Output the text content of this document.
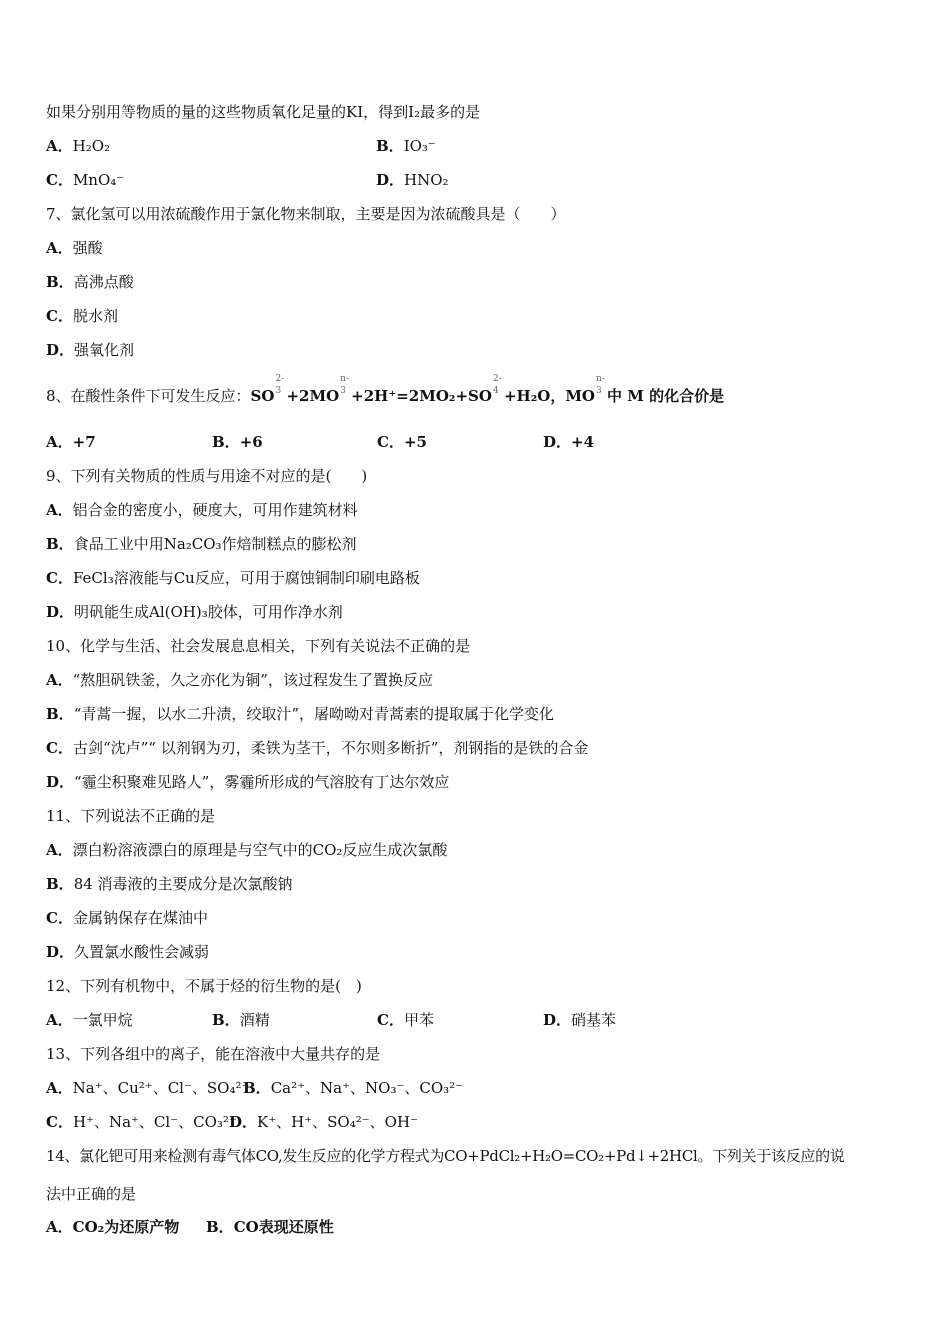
如果分别用等物质的量的这些物质氧化足量的KI，得到I₂最多的是
A．H₂O₂	B．IO₃⁻
C．MnO₄⁻	D．HNO₂
7、氯化氢可以用浓硫酸作用于氯化物来制取，主要是因为浓硫酸具是（　　）
A．强酸
B．高沸点酸
C．脱水剂
D．强氧化剂
8、在酸性条件下可发生反应：SO
2-
3 +2MO
n-
3 +2H⁺=2MO₂+SO
2-
4 +H₂O，MO
n-
3 中 M 的化合价是
A．+7	B．+6	C．+5	D．+4
9、下列有关物质的性质与用途不对应的是(　　)
A．铝合金的密度小，硬度大，可用作建筑材料
B．食品工业中用Na₂CO₃作焙制糕点的膨松剂
C．FeCl₃溶液能与Cu反应，可用于腐蚀铜制印刷电路板
D．明矾能生成Al(OH)₃胶体，可用作净水剂
10、化学与生活、社会发展息息相关，下列有关说法不正确的是
A．“熬胆矾铁釜，久之亦化为铜”，该过程发生了置换反应
B．“青蒿一握，以水二升渍，绞取汁”，屠呦呦对青蒿素的提取属于化学变化
C．古剑“沈卢”“ 以剂钢为刃，柔铁为茎干，不尔则多断折”，剂钢指的是铁的合金
D．“霾尘积聚难见路人”，雾霾所形成的气溶胶有丁达尔效应
11、下列说法不正确的是
A．漂白粉溶液漂白的原理是与空气中的CO₂反应生成次氯酸
B．84 消毒液的主要成分是次氯酸钠
C．金属钠保存在煤油中
D．久置氯水酸性会减弱
12、下列有机物中，不属于烃的衍生物的是(　)
A．一氯甲烷	B．酒精	C．甲苯	D．硝基苯
13、下列各组中的离子，能在溶液中大量共存的是
A．Na⁺、Cu²⁺、Cl⁻、SO₄²⁻
B．Ca²⁺、Na⁺、NO₃⁻、CO₃²⁻
C．H⁺、Na⁺、Cl⁻、CO₃²⁻
D．K⁺、H⁺、SO₄²⁻、OH⁻
14、氯化钯可用来检测有毒气体CO,发生反应的化学方程式为CO+PdCl₂+H₂O=CO₂+Pd↓+2HCl。下列关于该反应的说
法中正确的是
A．CO₂为还原产物 B．CO表现还原性
